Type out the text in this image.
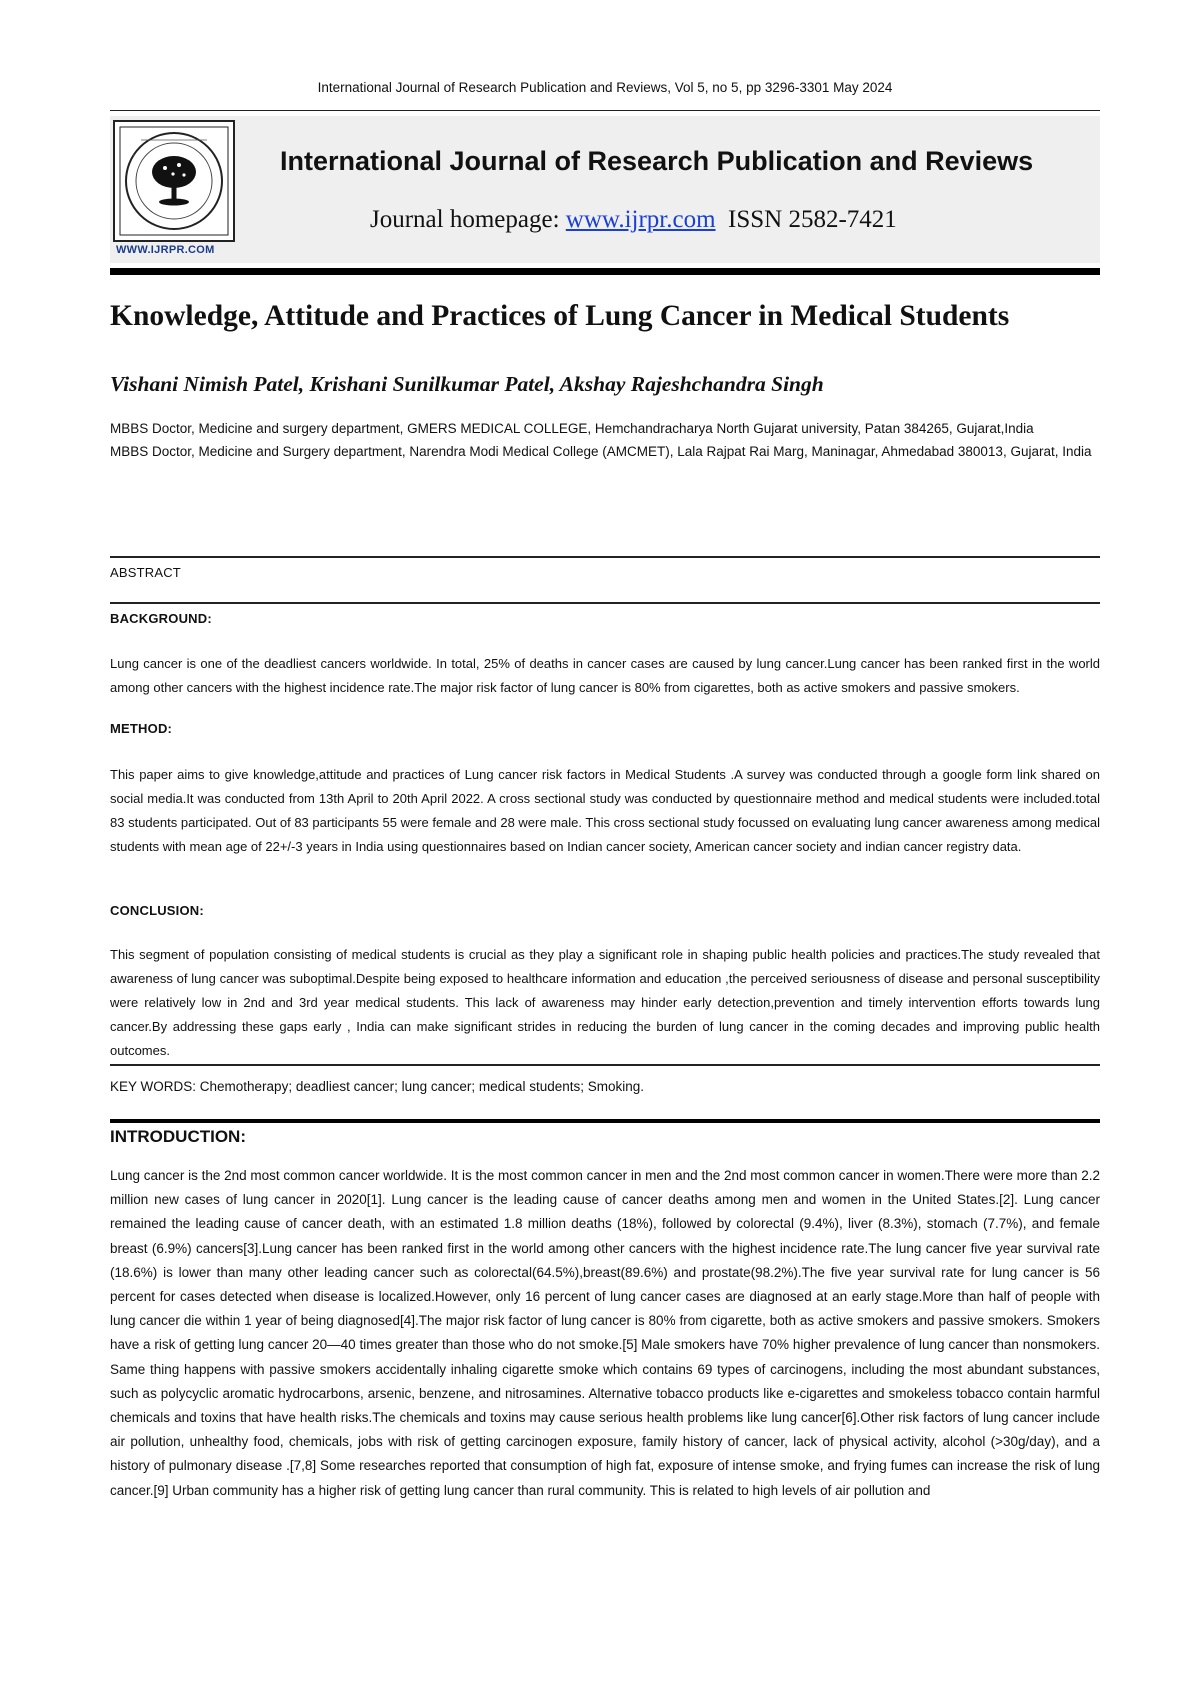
International Journal of Research Publication and Reviews, Vol 5, no 5, pp 3296-3301 May 2024
WWW.IJRPR.COM
International Journal of Research Publication and Reviews
Journal homepage: www.ijrpr.com ISSN 2582-7421
Knowledge, Attitude and Practices of Lung Cancer in Medical Students
Vishani Nimish Patel, Krishani Sunilkumar Patel, Akshay Rajeshchandra Singh

MBBS Doctor, Medicine and surgery department, GMERS MEDICAL COLLEGE, Hemchandracharya North Gujarat university, Patan 384265, Gujarat,India

MBBS Doctor, Medicine and Surgery department, Narendra Modi Medical College (AMCMET), Lala Rajpat Rai Marg, Maninagar, Ahmedabad 380013, Gujarat, India

ABSTRACT
BACKGROUND:

Lung cancer is one of the deadliest cancers worldwide. In total, 25% of deaths in cancer cases are caused by lung cancer.Lung cancer has been ranked first in the world among other cancers with the highest incidence rate.The major risk factor of lung cancer is 80% from cigarettes, both as active smokers and passive smokers.

METHOD:

This paper aims to give knowledge,attitude and practices of Lung cancer risk factors in Medical Students .A survey was conducted through a google form link shared on social media.It was conducted from 13th April to 20th April 2022. A cross sectional study was conducted by questionnaire method and medical students were included.total 83 students participated. Out of 83 participants 55 were female and 28 were male. This cross sectional study focussed on evaluating lung cancer awareness among medical students with mean age of 22+/-3 years in India using questionnaires based on Indian cancer society, American cancer society and indian cancer registry data.

CONCLUSION:

This segment of population consisting of medical students is crucial as they play a significant role in shaping public health policies and practices.The study revealed that awareness of lung cancer was suboptimal.Despite being exposed to healthcare information and education ,the perceived seriousness of disease and personal susceptibility were relatively low in 2nd and 3rd year medical students. This lack of awareness may hinder early detection,prevention and timely intervention efforts towards lung cancer.By addressing these gaps early , India can make significant strides in reducing the burden of lung cancer in the coming decades and improving public health outcomes.

KEY WORDS: Chemotherapy; deadliest cancer; lung cancer; medical students; Smoking.
INTRODUCTION:

Lung cancer is the 2nd most common cancer worldwide. It is the most common cancer in men and the 2nd most common cancer in women.There were more than 2.2 million new cases of lung cancer in 2020[1]. Lung cancer is the leading cause of cancer deaths among men and women in the United States.[2]. Lung cancer remained the leading cause of cancer death, with an estimated 1.8 million deaths (18%), followed by colorectal (9.4%), liver (8.3%), stomach (7.7%), and female breast (6.9%) cancers[3].Lung cancer has been ranked first in the world among other cancers with the highest incidence rate.The lung cancer five year survival rate (18.6%) is lower than many other leading cancer such as colorectal(64.5%),breast(89.6%) and prostate(98.2%).The five year survival rate for lung cancer is 56 percent for cases detected when disease is localized.However, only 16 percent of lung cancer cases are diagnosed at an early stage.More than half of people with lung cancer die within 1 year of being diagnosed[4].The major risk factor of lung cancer is 80% from cigarette, both as active smokers and passive smokers. Smokers have a risk of getting lung cancer 20—40 times greater than those who do not smoke.[5] Male smokers have 70% higher prevalence of lung cancer than nonsmokers. Same thing happens with passive smokers accidentally inhaling cigarette smoke which contains 69 types of carcinogens, including the most abundant substances, such as polycyclic aromatic hydrocarbons, arsenic, benzene, and nitrosamines. Alternative tobacco products like e-cigarettes and smokeless tobacco contain harmful chemicals and toxins that have health risks.The chemicals and toxins may cause serious health problems like lung cancer[6].Other risk factors of lung cancer include air pollution, unhealthy food, chemicals, jobs with risk of getting carcinogen exposure, family history of cancer, lack of physical activity, alcohol (>30g/day), and a history of pulmonary disease .[7,8] Some researches reported that consumption of high fat, exposure of intense smoke, and frying fumes can increase the risk of lung cancer.[9] Urban community has a higher risk of getting lung cancer than rural community. This is related to high levels of air pollution and
